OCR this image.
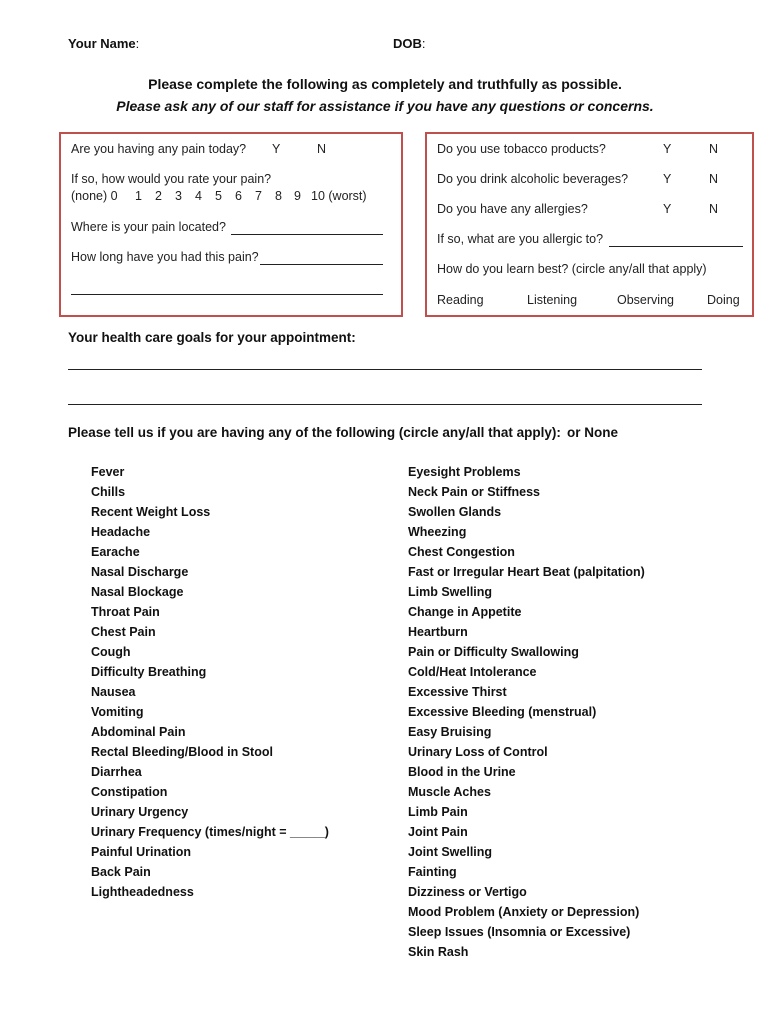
Your Name:	DOB:
Please complete the following as completely and truthfully as possible.
Please ask any of our staff for assistance if you have any questions or concerns.
Are you having any pain today? Y	N
If so, how would you rate your pain?
(none) 0 1 2 3 4 5 6 7 8 9 10 (worst)
Where is your pain located?
How long have you had this pain?
Do you use tobacco products?	Y	N
Do you drink alcoholic beverages?	Y	N
Do you have any allergies?	Y	N
If so, what are you allergic to?
How do you learn best? (circle any/all that apply)
Reading	Listening	Observing	Doing
Your health care goals for your appointment:
Please tell us if you are having any of the following (circle any/all that apply): or None
Fever
Chills
Recent Weight Loss
Headache
Earache
Nasal Discharge
Nasal Blockage
Throat Pain
Chest Pain
Cough
Difficulty Breathing
Nausea
Vomiting
Abdominal Pain
Rectal Bleeding/Blood in Stool
Diarrhea
Constipation
Urinary Urgency
Urinary Frequency (times/night = _____)
Painful Urination
Back Pain
Lightheadedness
Eyesight Problems
Neck Pain or Stiffness
Swollen Glands
Wheezing
Chest Congestion
Fast or Irregular Heart Beat (palpitation)
Limb Swelling
Change in Appetite
Heartburn
Pain or Difficulty Swallowing
Cold/Heat Intolerance
Excessive Thirst
Excessive Bleeding (menstrual)
Easy Bruising
Urinary Loss of Control
Blood in the Urine
Muscle Aches
Limb Pain
Joint Pain
Joint Swelling
Fainting
Dizziness or Vertigo
Mood Problem (Anxiety or Depression)
Sleep Issues (Insomnia or Excessive)
Skin Rash
